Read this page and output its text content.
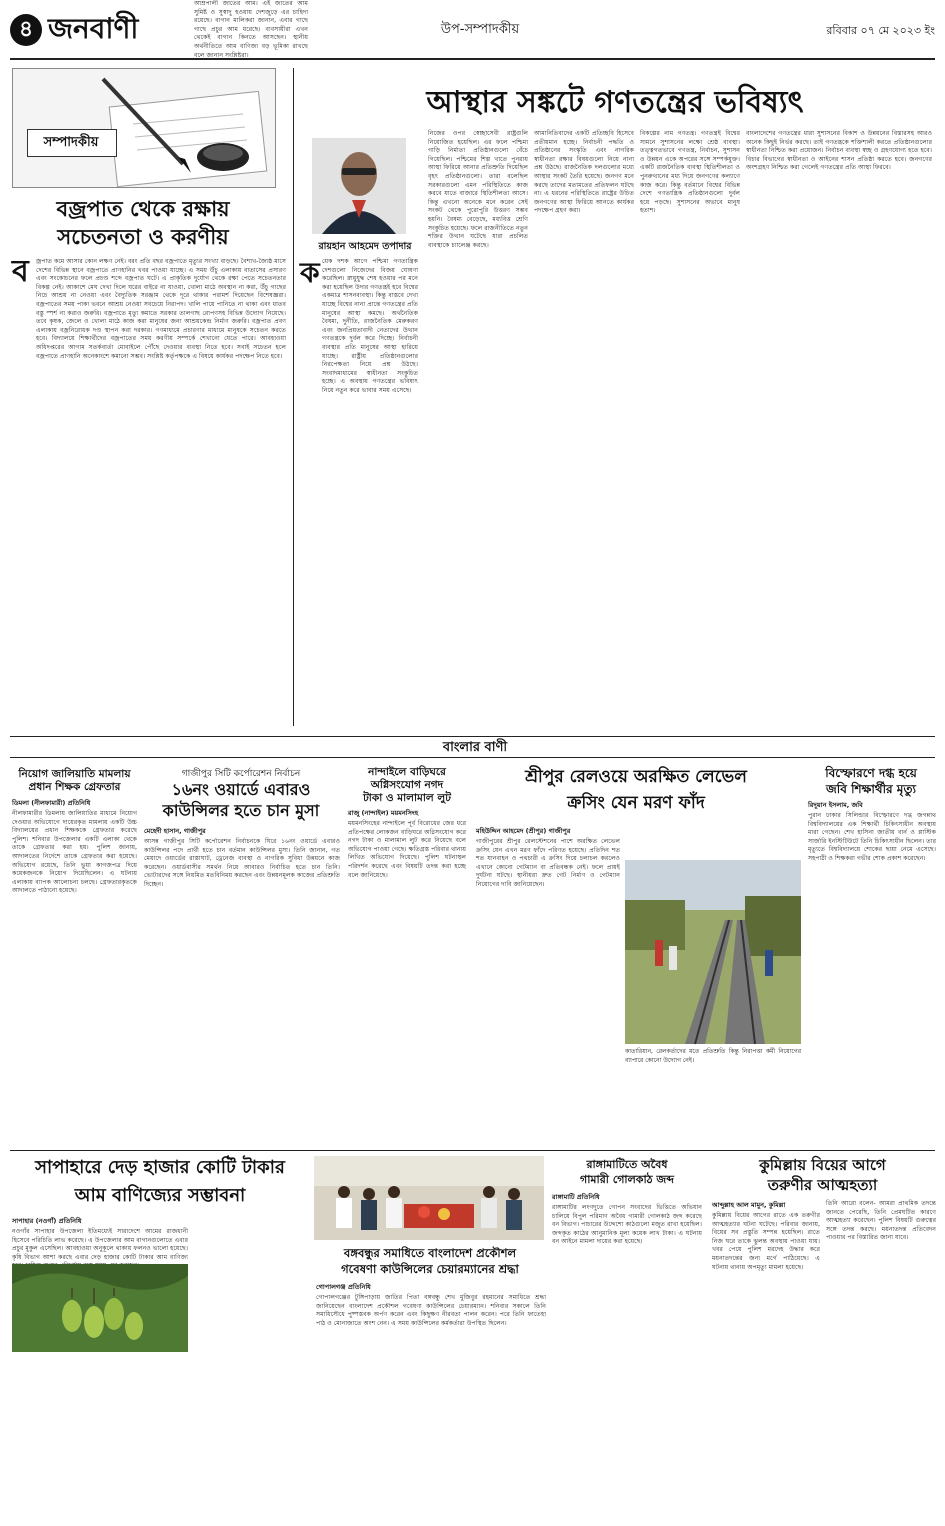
৪ জনবাণী	উপ-সম্পাদকীয়	রবিবার ০৭ মে ২০২৩ ইং
সম্পাদকীয়
বজ্রপাত থেকে রক্ষায়
সচেতনতা ও করণীয়
ব জ্রপাত কমে আসার কোন লক্ষণ নেই। বরং প্রতি বছর বজ্রপাতে মৃত্যুর সংখ্যা বাড়ছে। বৈশাখ-জ্যৈষ্ঠ মাসে দেশের বিভিন্ন স্থানে বজ্রপাতে প্রাণহানির খবর পাওয়া যাচ্ছে। এ সময় উঁচু এলাকায় বাতাসের প্রসারণ এবং সংকোচনের ফলে প্রচণ্ড শব্দে বজ্রপাত ঘটে। এ প্রাকৃতিক দুর্যোগ থেকে রক্ষা পেতে সচেতনতার বিকল্প নেই। আকাশে মেঘ দেখা দিলে ঘরের বাইরে না যাওয়া, খোলা মাঠে অবস্থান না করা, উঁচু গাছের নিচে আশ্রয় না নেওয়া এবং বৈদ্যুতিক সরঞ্জাম থেকে দূরে থাকার পরামর্শ দিয়েছেন বিশেষজ্ঞরা। বজ্রপাতের সময় পাকা ভবনে আশ্রয় নেওয়া সবচেয়ে নিরাপদ। খালি পায়ে পানিতে না থাকা এবং ধাতব বস্তু স্পর্শ না করাও জরুরি। বজ্রপাতে মৃত্যু কমাতে সরকার তালগাছ রোপণসহ বিভিন্ন উদ্যোগ নিয়েছে। তবে কৃষক, জেলে ও খোলা মাঠে কাজ করা মানুষের জন্য আশ্রয়কেন্দ্র নির্মাণ জরুরি। বজ্রপাত প্রবণ এলাকায় বজ্রনিরোধক দণ্ড স্থাপন করা দরকার। গণমাধ্যমে প্রচারণার মাধ্যমে মানুষকে সচেতন করতে হবে। বিদ্যালয়ে শিক্ষার্থীদের বজ্রপাতের সময় করণীয় সম্পর্কে শেখানো যেতে পারে। আবহাওয়া অধিদপ্তরের আগাম সতর্কবার্তা মোবাইলে পৌঁছে দেওয়ার ব্যবস্থা নিতে হবে। সবাই সচেতন হলে বজ্রপাতে প্রাণহানি অনেকাংশে কমানো সম্ভব। সংশ্লিষ্ট কর্তৃপক্ষকে এ বিষয়ে কার্যকর পদক্ষেপ নিতে হবে।
আস্থার সঙ্কটে গণতন্ত্রের ভবিষ্যৎ
রায়হান আহমেদ তপাদার
ক য়েক দশক আগে পশ্চিমা গণতান্ত্রিক দেশগুলো নিজেদের বিজয় ঘোষণা করেছিল। স্নায়ুযুদ্ধ শেষ হওয়ার পর মনে করা হয়েছিল উদার গণতন্ত্রই হবে বিশ্বের একমাত্র শাসনব্যবস্থা। কিন্তু বাস্তবে দেখা যাচ্ছে বিশ্বের নানা প্রান্তে গণতন্ত্রের প্রতি মানুষের আস্থা কমছে। অর্থনৈতিক বৈষম্য, দুর্নীতি, রাজনৈতিক মেরুকরণ এবং জনপ্রিয়তাবাদী নেতাদের উত্থান গণতন্ত্রকে দুর্বল করে দিচ্ছে। নির্বাচনী ব্যবস্থার প্রতি মানুষের আস্থা হারিয়ে যাচ্ছে। রাষ্ট্রীয় প্রতিষ্ঠানগুলোর নিরপেক্ষতা নিয়ে প্রশ্ন উঠছে। সংবাদমাধ্যমের স্বাধীনতা সংকুচিত হচ্ছে। এ অবস্থায় গণতন্ত্রের ভবিষ্যৎ নিয়ে নতুন করে ভাবার সময় এসেছে।
নিজের ওপর স্বেচ্ছাসেবী রাষ্ট্রগুলি নিয়োজিত হয়েছিল। এর ফলে পশ্চিমা গাড়ি নির্মাতা প্রতিষ্ঠানগুলো বেঁচে গিয়েছিল। পশ্চিমের শিল্প খাতে পুনরায় আস্থা ফিরিয়ে আনার প্রতিশ্রুতি দিয়েছিল বৃহৎ প্রতিষ্ঠানগুলো। তারা বলেছিল সরকারগুলো এমন পরিস্থিতিতে কাজ করবে যাতে বাজারে স্থিতিশীলতা আসে। কিন্তু এখনো অনেকে মনে করেন সেই সংকট থেকে পুরোপুরি উত্তরণ সম্ভব হয়নি। বৈষম্য বেড়েছে, মধ্যবিত্ত শ্রেণি সংকুচিত হয়েছে। ফলে রাজনীতিতে নতুন শক্তির উত্থান ঘটেছে যারা প্রচলিত ব্যবস্থাকে চ্যালেঞ্জ করছে।
আমানিতিবাদের একটি প্রতিচ্ছবি হিসেবে প্রতীয়মান হচ্ছে। নির্বাচনী পদ্ধতি ও প্রতিষ্ঠানের সংস্কৃতি এবং নাগরিক স্বাধীনতা রক্ষার বিষয়গুলো নিয়ে নানা প্রশ্ন উঠছে। রাজনৈতিক দলগুলোর মধ্যে আস্থার সংকট তৈরি হয়েছে। জনগণ মনে করছে তাদের মতামতের প্রতিফলন ঘটছে না। এ ধরনের পরিস্থিতিতে রাষ্ট্রের উচিত জনগণের আস্থা ফিরিয়ে আনতে কার্যকর পদক্ষেপ গ্রহণ করা।
বিকল্পের নাম গণতন্ত্র। গণতন্ত্রই বিশ্বের সামনে সুশাসনের লক্ষ্যে শ্রেষ্ঠ ব্যবস্থা। তত্ত্বগতভাবে গণতন্ত্র, নির্বাচন, সুশাসন ও উন্নয়ন একে অপরের সঙ্গে সম্পর্কযুক্ত। একটি রাজনৈতিক ব্যবস্থা স্থিতিশীলতা ও পুনরুত্থানের মধ্য দিয়ে জনগণের কল্যাণে কাজ করে। কিন্তু বর্তমানে বিশ্বের বিভিন্ন দেশে গণতান্ত্রিক প্রতিষ্ঠানগুলো দুর্বল হয়ে পড়ছে। সুশাসনের অভাবে মানুষ হতাশ।
বাংলাদেশের গণতন্ত্রের ধারা সুশাসনের বিকাশ ও উন্নয়নের বিস্তারসহ আরও অনেক কিছুই নির্ভর করছে। তাই গণতন্ত্রকে শক্তিশালী করতে প্রতিষ্ঠানগুলোর স্বাধীনতা নিশ্চিত করা প্রয়োজন। নির্বাচন ব্যবস্থা স্বচ্ছ ও গ্রহণযোগ্য হতে হবে। বিচার বিভাগের স্বাধীনতা ও আইনের শাসন প্রতিষ্ঠা করতে হবে। জনগণের অংশগ্রহণ নিশ্চিত করা গেলেই গণতন্ত্রের প্রতি আস্থা ফিরবে।
বাংলার বাণী
নিয়োগ জালিয়াতি মামলায়
প্রধান শিক্ষক গ্রেফতার
ডিমলা (নীলফামারী) প্রতিনিধি
নীলফামারীর ডিমলায় জালিয়াতির মাধ্যমে নিয়োগ দেওয়ার অভিযোগে দায়েরকৃত মামলায় একটি উচ্চ বিদ্যালয়ের প্রধান শিক্ষককে গ্রেফতার করেছে পুলিশ। শনিবার উপজেলার একটি এলাকা থেকে তাকে গ্রেফতার করা হয়। পুলিশ জানায়, আদালতের নির্দেশে তাকে গ্রেফতার করা হয়েছে। অভিযোগ রয়েছে, তিনি ভুয়া কাগজপত্র দিয়ে কয়েকজনকে নিয়োগ দিয়েছিলেন। এ ঘটনায় এলাকায় ব্যাপক আলোচনা চলছে। গ্রেফতারকৃতকে আদালতে পাঠানো হয়েছে।
গাজীপুর সিটি কর্পোরেশন নির্বাচন
১৬নং ওয়ার্ডে এবারও
কাউন্সিলর হতে চান মুসা
মেহেদী হাসান, গাজীপুর
আসন্ন গাজীপুর সিটি কর্পোরেশন নির্বাচনকে ঘিরে ১৬নং ওয়ার্ডে এবারও কাউন্সিলর পদে প্রার্থী হতে চান বর্তমান কাউন্সিলর মুসা। তিনি জানান, গত মেয়াদে ওয়ার্ডের রাস্তাঘাট, ড্রেনেজ ব্যবস্থা ও নাগরিক সুবিধা উন্নয়নে কাজ করেছেন। ওয়ার্ডবাসীর সমর্থন নিয়ে আবারও নির্বাচিত হতে চান তিনি। ভোটারদের সঙ্গে নিয়মিত মতবিনিময় করছেন এবং উন্নয়নমূলক কাজের প্রতিশ্রুতি দিচ্ছেন।
নান্দাইলে বাড়িঘরে
অগ্নিসংযোগ নগদ
টাকা ও মালামাল লুট
রাজু (নান্দাইল) ময়মনসিংহ
ময়মনসিংহের নান্দাইলে পূর্ব বিরোধের জের ধরে প্রতিপক্ষের লোকজন বাড়িঘরে অগ্নিসংযোগ করে নগদ টাকা ও মালামাল লুট করে নিয়েছে বলে অভিযোগ পাওয়া গেছে। ক্ষতিগ্রস্ত পরিবার থানায় লিখিত অভিযোগ দিয়েছে। পুলিশ ঘটনাস্থল পরিদর্শন করেছে এবং বিষয়টি তদন্ত করা হচ্ছে বলে জানিয়েছে।
শ্রীপুর রেলওয়ে অরক্ষিত লেভেল
ক্রসিং যেন মরণ ফাঁদ
মহিউদ্দিন আহমেদ (শ্রীপুর) গাজীপুর
গাজীপুরের শ্রীপুর রেলস্টেশনের পাশে অরক্ষিত লেভেল ক্রসিং যেন এখন মরণ ফাঁদে পরিণত হয়েছে। প্রতিদিন শত শত যানবাহন ও পথচারী এ ক্রসিং দিয়ে চলাচল করলেও এখানে কোনো গেটম্যান বা প্রতিবন্ধক নেই। ফলে প্রায়ই দুর্ঘটনা ঘটছে। স্থানীয়রা দ্রুত গেট নির্মাণ ও গেটম্যান নিয়োগের দাবি জানিয়েছেন।
কাতারিয়ান, রেলকর্তাদের মতে প্রতিশ্রুতি কিন্তু নিরাপত্তা কর্মী নিয়োগের ব্যাপারে কোনো উদ্যোগ নেই।
বিস্ফোরণে দগ্ধ হয়ে
জবি শিক্ষার্থীর মৃত্যু
রিদুয়ান ইসলাম, জবি
পুরান ঢাকার সিলিন্ডার বিস্ফোরণে দগ্ধ জগন্নাথ বিশ্ববিদ্যালয়ের এক শিক্ষার্থী চিকিৎসাধীন অবস্থায় মারা গেছেন। শেখ হাসিনা জাতীয় বার্ন ও প্লাস্টিক সার্জারি ইনস্টিটিউটে তিনি চিকিৎসাধীন ছিলেন। তার মৃত্যুতে বিশ্ববিদ্যালয়ে শোকের ছায়া নেমে এসেছে। সহপাঠী ও শিক্ষকরা গভীর শোক প্রকাশ করেছেন।
সাপাহারে দেড় হাজার কোটি টাকার
আম বাণিজ্যের সম্ভাবনা
সাপাহার (নওগাঁ) প্রতিনিধি
নওগাঁর সাপাহার উপজেলা ইতিমধ্যেই সারাদেশে আমের রাজধানী হিসেবে পরিচিতি লাভ করেছে। এ উপজেলার আম বাগানগুলোতে এবার প্রচুর মুকুল এসেছিল। আবহাওয়া অনুকূলে থাকায় ফলনও ভালো হয়েছে। কৃষি বিভাগ আশা করছে এবার দেড় হাজার কোটি টাকার আম বাণিজ্য
আম্রপালী জাতের আম। এই জাতের আম সুমিষ্ট ও সুস্বাদু হওয়ায় দেশজুড়ে এর চাহিদা রয়েছে। বাগান মালিকরা জানান, এবার গাছে গাছে প্রচুর আম ধরেছে। ব্যবসায়ীরা এখন থেকেই বাগান কিনতে আসছেন। স্থানীয় অর্থনীতিতে আম বাণিজ্য বড় ভূমিকা রাখছে বলে জানান সংশ্লিষ্টরা।
বঙ্গবন্ধুর সমাধিতে বাংলাদেশ প্রকৌশল
গবেষণা কাউন্সিলের চেয়ারম্যানের শ্রদ্ধা
গোপালগঞ্জ প্রতিনিধি
গোপালগঞ্জের টুঙ্গিপাড়ায় জাতির পিতা বঙ্গবন্ধু শেখ মুজিবুর রহমানের সমাধিতে শ্রদ্ধা জানিয়েছেন বাংলাদেশ প্রকৌশল গবেষণা কাউন্সিলের চেয়ারম্যান। শনিবার সকালে তিনি সমাধিসৌধে পুষ্পস্তবক অর্পণ করেন এবং কিছুক্ষণ নীরবতা পালন করেন। পরে তিনি ফাতেহা পাঠ ও মোনাজাতে অংশ নেন। এ সময় কাউন্সিলের কর্মকর্তারা উপস্থিত ছিলেন।
রাঙ্গামাটিতে অবৈধ
গামারী গোলকাঠ জব্দ
রাঙ্গামাটি প্রতিনিধি
রাঙ্গামাটির লংগদুতে গোপন সংবাদের ভিত্তিতে অভিযান চালিয়ে বিপুল পরিমাণ অবৈধ গামারী গোলকাঠ জব্দ করেছে বন বিভাগ। পাচারের উদ্দেশ্যে কাঠগুলো মজুত রাখা হয়েছিল। জব্দকৃত কাঠের আনুমানিক মূল্য কয়েক লাখ টাকা। এ ঘটনায় বন আইনে মামলা দায়ের করা হয়েছে।
কুমিল্লায় বিয়ের আগে
তরুণীর আত্মহত্যা
আব্দুল্লাহ আল মামুন, কুমিল্লা
কুমিল্লায় বিয়ের আগের রাতে এক তরুণীর আত্মহত্যার ঘটনা ঘটেছে। পরিবার জানায়, বিয়ের সব প্রস্তুতি সম্পন্ন হয়েছিল। রাতে নিজ ঘরে তাকে ঝুলন্ত অবস্থায় পাওয়া যায়। খবর পেয়ে পুলিশ মরদেহ উদ্ধার করে ময়নাতদন্তের জন্য মর্গে পাঠিয়েছে। এ ঘটনায় থানায় অপমৃত্যু মামলা হয়েছে।
তিনি আরো বলেন- আমরা প্রাথমিক তদন্তে জানতে পেরেছি, তিনি প্রেমঘটিত কারণে আত্মহত্যা করেছেন। পুলিশ বিষয়টি গুরুত্বের সঙ্গে তদন্ত করছে। ময়নাতদন্ত প্রতিবেদন পাওয়ার পর বিস্তারিত জানা যাবে।
